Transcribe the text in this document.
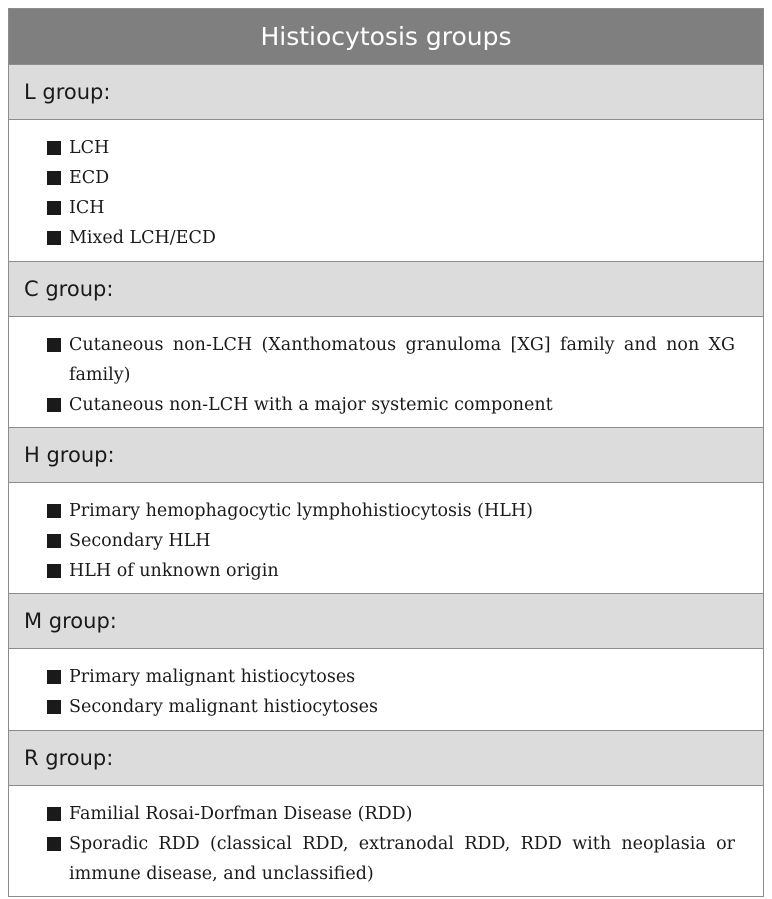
Histiocytosis groups
L group:
LCH
ECD
ICH
Mixed LCH/ECD
C group:
Cutaneous non-LCH (Xanthomatous granuloma [XG] family and non XG family)
Cutaneous non-LCH with a major systemic component
H group:
Primary hemophagocytic lymphohistiocytosis (HLH)
Secondary HLH
HLH of unknown origin
M group:
Primary malignant histiocytoses
Secondary malignant histiocytoses
R group:
Familial Rosai-Dorfman Disease (RDD)
Sporadic RDD (classical RDD, extranodal RDD, RDD with neoplasia or immune disease, and unclassified)
